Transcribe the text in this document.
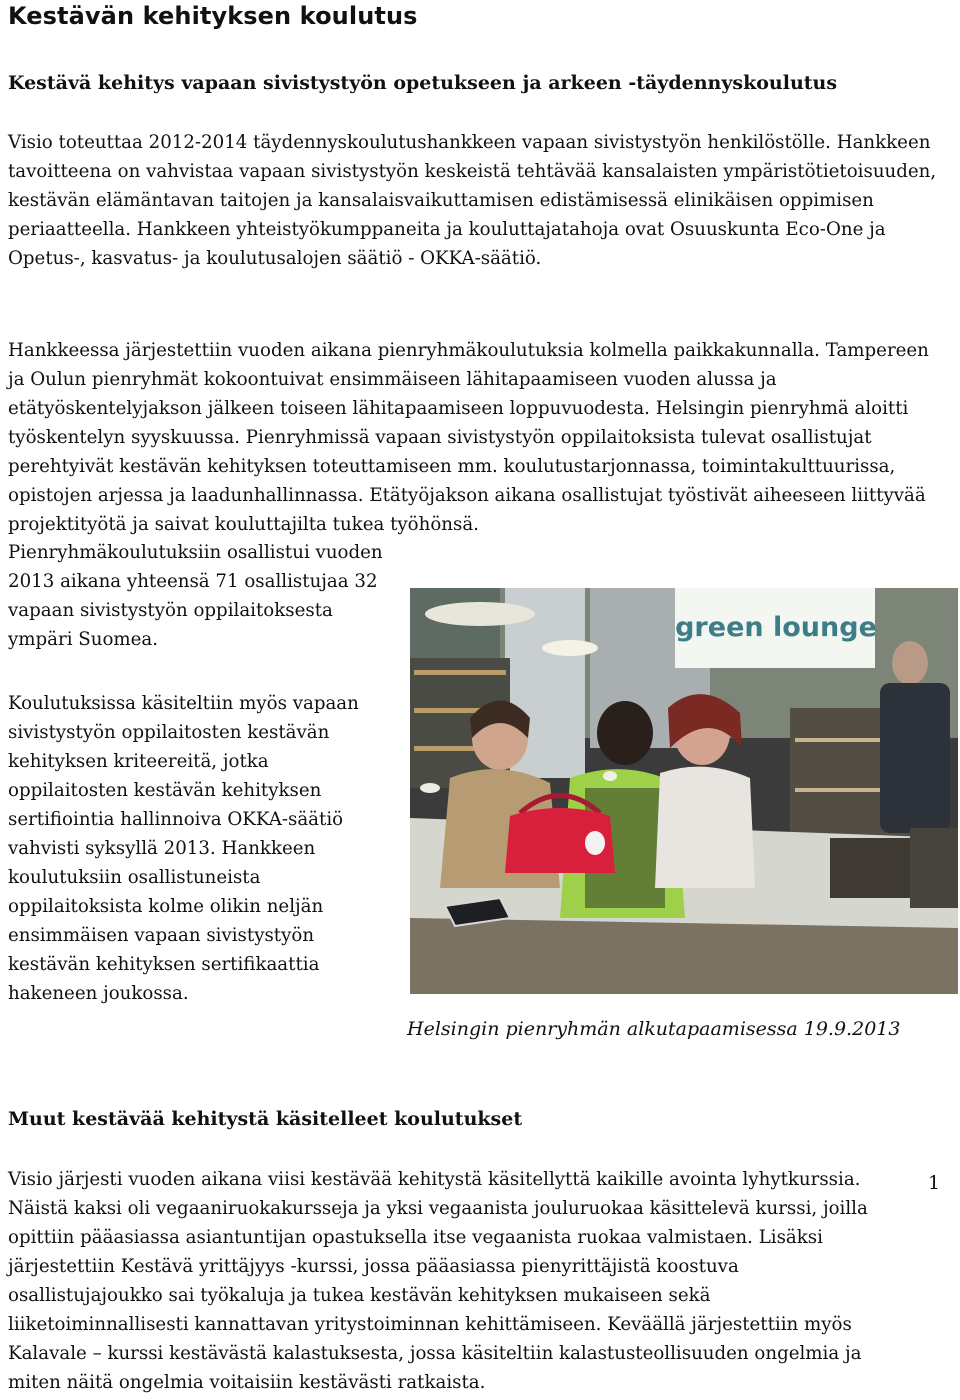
Kestävän kehityksen koulutus
Kestävä kehitys vapaan sivistystyön opetukseen ja arkeen -täydennyskoulutus

Visio toteuttaa 2012-2014 täydennyskoulutushankkeen vapaan sivistystyön henkilöstölle. Hankkeen tavoitteena on vahvistaa vapaan sivistystyön keskeistä tehtävää kansalaisten ympäristötietoisuuden, kestävän elämäntavan taitojen ja kansalaisvaikuttamisen edistämisessä elinikäisen oppimisen periaatteella. Hankkeen yhteistyökumppaneita ja kouluttajatahoja ovat Osuuskunta Eco-One ja Opetus-, kasvatus- ja koulutusalojen säätiö - OKKA-säätiö.

Hankkeessa järjestettiin vuoden aikana pienryhmäkoulutuksia kolmella paikkakunnalla. Tampereen ja Oulun pienryhmät kokoontuivat ensimmäiseen lähitapaamiseen vuoden alussa ja etätyöskentelyjakson jälkeen toiseen lähitapaamiseen loppuvuodesta. Helsingin pienryhmä aloitti työskentelyn syyskuussa. Pienryhmissä vapaan sivistystyön oppilaitoksista tulevat osallistujat perehtyivät kestävän kehityksen toteuttamiseen mm. koulutustarjonnassa, toimintakulttuurissa, opistojen arjessa ja laadunhallinnassa. Etätyöjakson aikana osallistujat työstivät aiheeseen liittyvää projektityötä ja saivat kouluttajilta tukea työhönsä.

Pienryhmäkoulutuksiin osallistui vuoden 2013 aikana yhteensä 71 osallistujaa 32 vapaan sivistystyön oppilaitoksesta ympäri Suomea.

Koulutuksissa käsiteltiin myös vapaan sivistystyön oppilaitosten kestävän kehityksen kriteereitä, jotka oppilaitosten kestävän kehityksen sertifiointia hallinnoiva OKKA-säätiö vahvisti syksyllä 2013. Hankkeen koulutuksiin osallistuneista oppilaitoksista kolme olikin neljän ensimmäisen vapaan sivistystyön kestävän kehityksen sertifikaattia hakeneen joukossa.

green lounge
Helsingin pienryhmän alkutapaamisessa 19.9.2013
Muut kestävää kehitystä käsitelleet koulutukset

Visio järjesti vuoden aikana viisi kestävää kehitystä käsitellyttä kaikille avointa lyhytkurssia. Näistä kaksi oli vegaaniruokakursseja ja yksi vegaanista jouluruokaa käsittelevä kurssi, joilla opittiin pääasiassa asiantuntijan opastuksella itse vegaanista ruokaa valmistaen. Lisäksi järjestettiin Kestävä yrittäjyys -kurssi, jossa pääasiassa pienyrittäjistä koostuva osallistujajoukko sai työkaluja ja tukea kestävän kehityksen mukaiseen sekä liiketoiminnallisesti kannattavan yritystoiminnan kehittämiseen. Keväällä järjestettiin myös Kalavale – kurssi kestävästä kalastuksesta, jossa käsiteltiin kalastusteollisuuden ongelmia ja miten näitä ongelmia voitaisiin kestävästi ratkaista.

1
